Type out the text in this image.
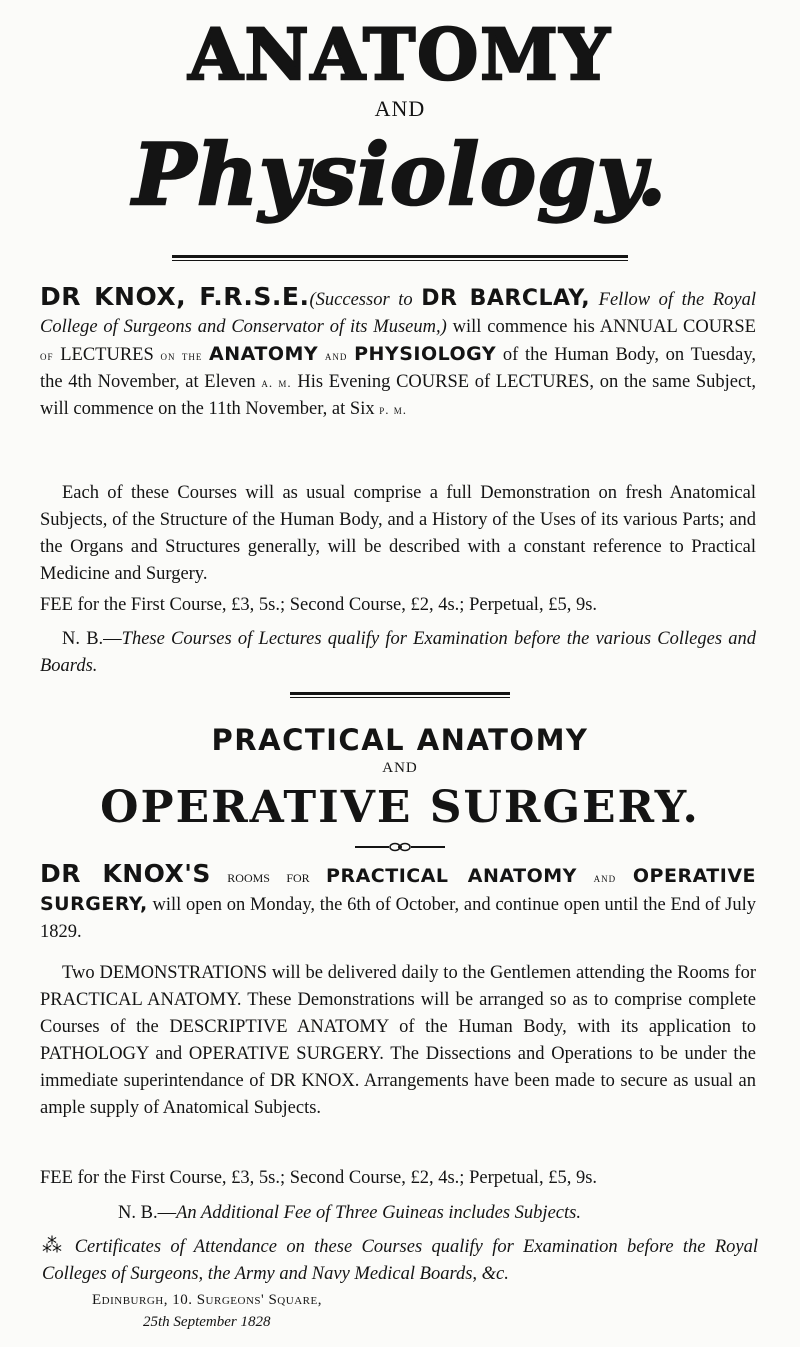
ANATOMY
AND
Physiology.

DR KNOX, F.R.S.E.(Successor to DR BARCLAY, Fellow of the Royal College of Surgeons and Conservator of its Museum,) will commence his ANNUAL COURSE of LECTURES on the ANATOMY and PHYSIOLOGY of the Human Body, on Tuesday, the 4th November, at Eleven a. m. His Evening COURSE of LECTURES, on the same Subject, will commence on the 11th November, at Six p. m.

Each of these Courses will as usual comprise a full Demonstration on fresh Anatomical Subjects, of the Structure of the Human Body, and a History of the Uses of its various Parts; and the Organs and Structures generally, will be described with a constant reference to Practical Medicine and Surgery.

FEE for the First Course, £3, 5s.; Second Course, £2, 4s.; Perpetual, £5, 9s.

N. B.—These Courses of Lectures qualify for Examination before the various Colleges and Boards.

PRACTICAL ANATOMY
AND
OPERATIVE SURGERY.

DR KNOX'S rooms for PRACTICAL ANATOMY and OPERATIVE SURGERY, will open on Monday, the 6th of October, and continue open until the End of July 1829.

Two DEMONSTRATIONS will be delivered daily to the Gentlemen attending the Rooms for PRACTICAL ANATOMY. These Demonstrations will be arranged so as to comprise complete Courses of the DESCRIPTIVE ANATOMY of the Human Body, with its application to PATHOLOGY and OPERATIVE SURGERY. The Dissections and Operations to be under the immediate superintendance of DR KNOX. Arrangements have been made to secure as usual an ample supply of Anatomical Subjects.

FEE for the First Course, £3, 5s.; Second Course, £2, 4s.; Perpetual, £5, 9s.

N. B.—An Additional Fee of Three Guineas includes Subjects.

⁂ Certificates of Attendance on these Courses qualify for Examination before the Royal Colleges of Surgeons, the Army and Navy Medical Boards, &c.

Edinburgh, 10. Surgeons' Square,
25th September 1828
